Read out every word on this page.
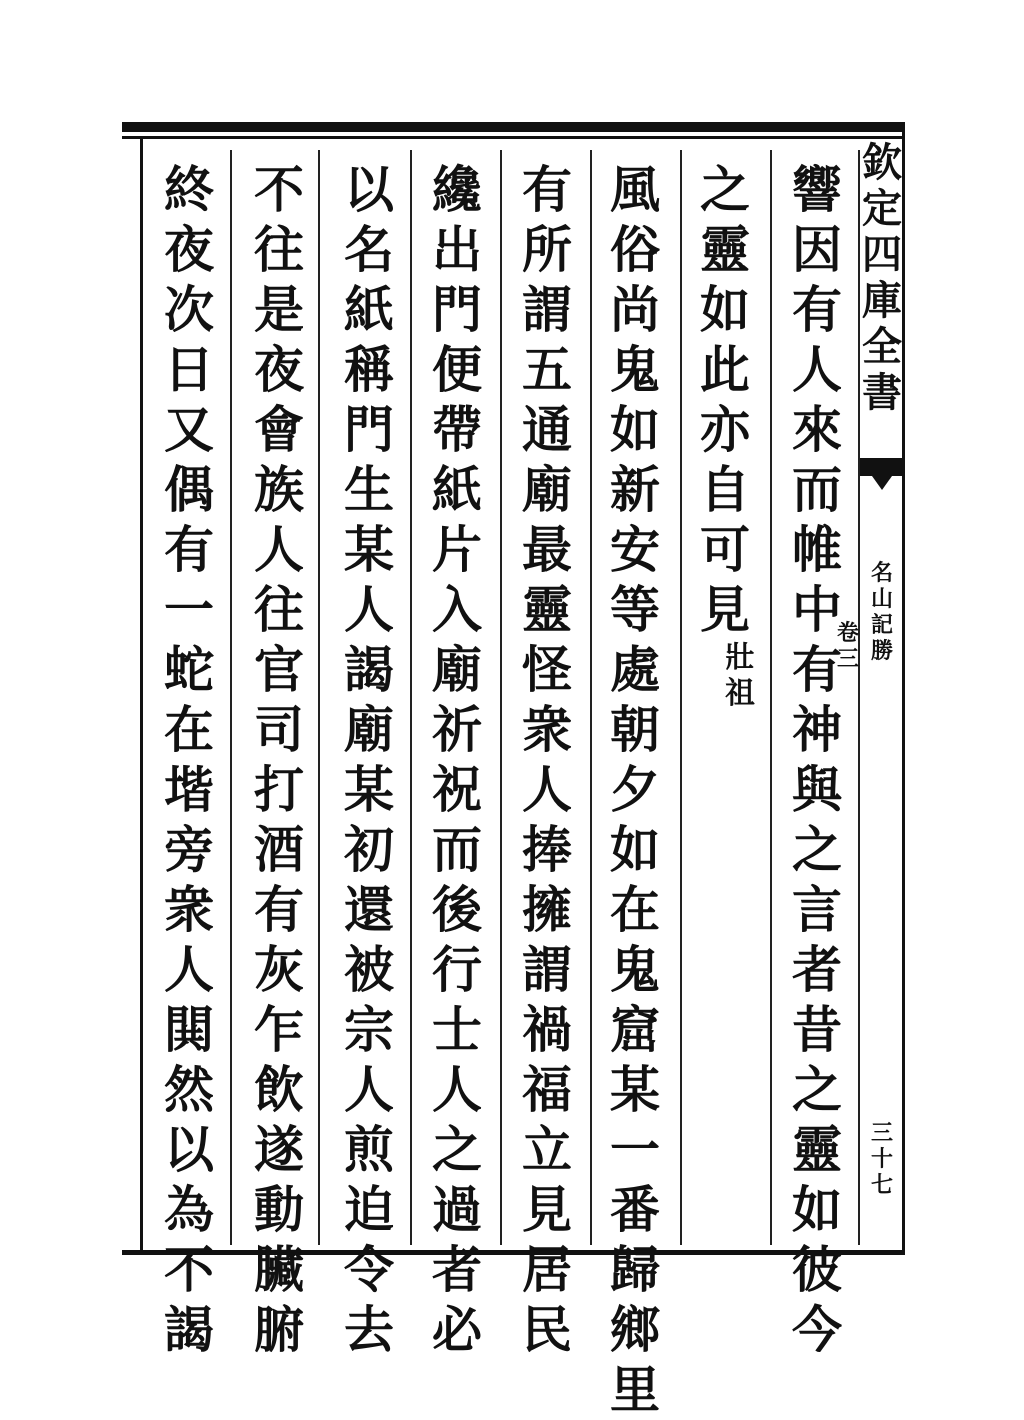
欽
定
四
庫
全
書
名
山
記
勝
卷
三
三
十
七
響
因
有
人
來
而
帷
中
有
神
與
之
言
者
昔
之
靈
如
彼
今
之
靈
如
此
亦
自
可
見
壯
祖
風
俗
尚
鬼
如
新
安
等
處
朝
夕
如
在
鬼
窟
某
一
番
歸
鄉
里
有
所
謂
五
通
廟
最
靈
怪
衆
人
捧
擁
謂
禍
福
立
見
居
民
纔
出
門
便
帶
紙
片
入
廟
祈
祝
而
後
行
士
人
之
過
者
必
以
名
紙
稱
門
生
某
人
謁
廟
某
初
還
被
宗
人
煎
迫
令
去
不
往
是
夜
會
族
人
往
官
司
打
酒
有
灰
乍
飲
遂
動
臟
腑
終
夜
次
日
又
偶
有
一
蛇
在
堦
旁
衆
人
閧
然
以
為
不
謁
